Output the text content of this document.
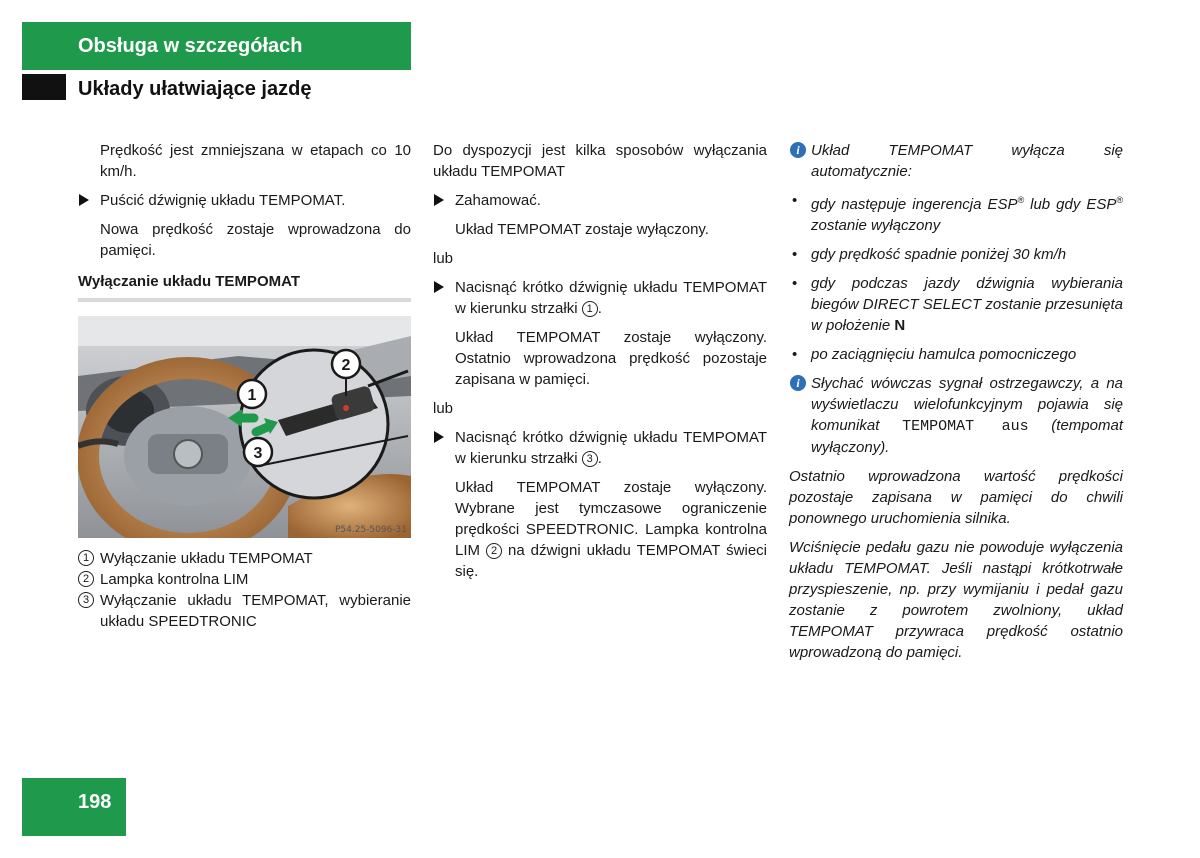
Obsługa w szczegółach
Układy ułatwiające jazdę

Prędkość jest zmniejszana w etapach co 10 km/h.

Puścić dźwignię układu TEMPOMAT.

Nowa prędkość zostaje wprowadzona do pamięci.

Wyłączanie układu TEMPOMAT
1
2
3
P54.25-5096-31
1 Wyłączanie układu TEMPOMAT
2 Lampka kontrolna LIM
3 Wyłączanie układu TEMPOMAT, wybieranie układu SPEEDTRONIC

Do dyspozycji jest kilka sposobów wyłączania układu TEMPOMAT

Zahamować.

Układ TEMPOMAT zostaje wyłączony.

lub

Nacisnąć krótko dźwignię układu TEMPOMAT w kierunku strzałki 1 .

Układ TEMPOMAT zostaje wyłączony. Ostatnio wprowadzona prędkość pozostaje zapisana w pamięci.

lub

Nacisnąć krótko dźwignię układu TEMPOMAT w kierunku strzałki 3 .

Układ TEMPOMAT zostaje wyłączony. Wybrane jest tymczasowe ograniczenie prędkości SPEEDTRONIC. Lampka kontrolna LIM 2 na dźwigni układu TEMPOMAT świeci się.

i Układ TEMPOMAT wyłącza się automatycznie:
• gdy następuje ingerencja ESP® lub gdy ESP® zostanie wyłączony
• gdy prędkość spadnie poniżej 30 km/h
• gdy podczas jazdy dźwignia wybierania biegów DIRECT SELECT zostanie przesunięta w położenie N
• po zaciągnięciu hamulca pomocniczego
i Słychać wówczas sygnał ostrzegawczy, a na wyświetlaczu wielofunkcyjnym pojawia się komunikat TEMPOMAT aus (tempomat wyłączony).

Ostatnio wprowadzona wartość prędkości pozostaje zapisana w pamięci do chwili ponownego uruchomienia silnika.

Wciśnięcie pedału gazu nie powoduje wyłączenia układu TEMPOMAT. Jeśli nastąpi krótkotrwałe przyspieszenie, np. przy wymijaniu i pedał gazu zostanie z powrotem zwolniony, układ TEMPOMAT przywraca prędkość ostatnio wprowadzoną do pamięci.

198
